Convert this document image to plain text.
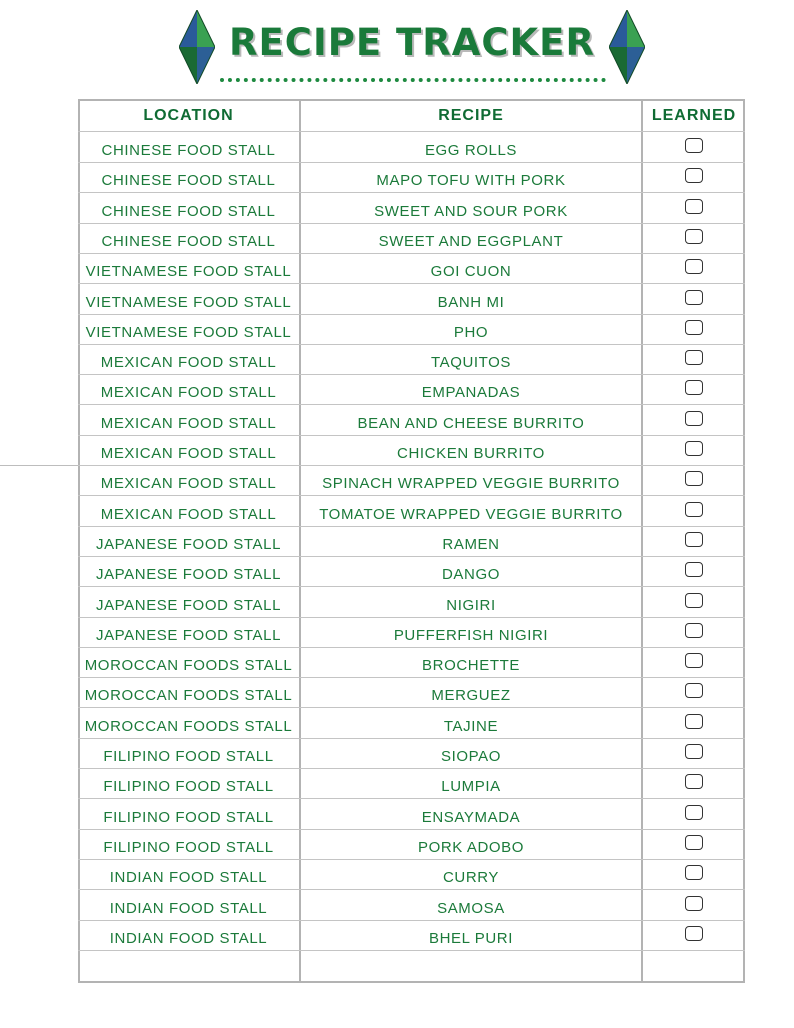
RECIPE TRACKER
LOCATION	RECIPE	LEARNED
CHINESE FOOD STALL	EGG ROLLS
CHINESE FOOD STALL	MAPO TOFU WITH PORK
CHINESE FOOD STALL	SWEET AND SOUR PORK
CHINESE FOOD STALL	SWEET AND EGGPLANT
VIETNAMESE FOOD STALL	GOI CUON
VIETNAMESE FOOD STALL	BANH MI
VIETNAMESE FOOD STALL	PHO
MEXICAN FOOD STALL	TAQUITOS
MEXICAN FOOD STALL	EMPANADAS
MEXICAN FOOD STALL	BEAN AND CHEESE BURRITO
MEXICAN FOOD STALL	CHICKEN BURRITO
MEXICAN FOOD STALL	SPINACH WRAPPED VEGGIE BURRITO
MEXICAN FOOD STALL	TOMATOE WRAPPED VEGGIE BURRITO
JAPANESE FOOD STALL	RAMEN
JAPANESE FOOD STALL	DANGO
JAPANESE FOOD STALL	NIGIRI
JAPANESE FOOD STALL	PUFFERFISH NIGIRI
MOROCCAN FOODS STALL	BROCHETTE
MOROCCAN FOODS STALL	MERGUEZ
MOROCCAN FOODS STALL	TAJINE
FILIPINO FOOD STALL	SIOPAO
FILIPINO FOOD STALL	LUMPIA
FILIPINO FOOD STALL	ENSAYMADA
FILIPINO FOOD STALL	PORK ADOBO
INDIAN FOOD STALL	CURRY
INDIAN FOOD STALL	SAMOSA
INDIAN FOOD STALL	BHEL PURI
